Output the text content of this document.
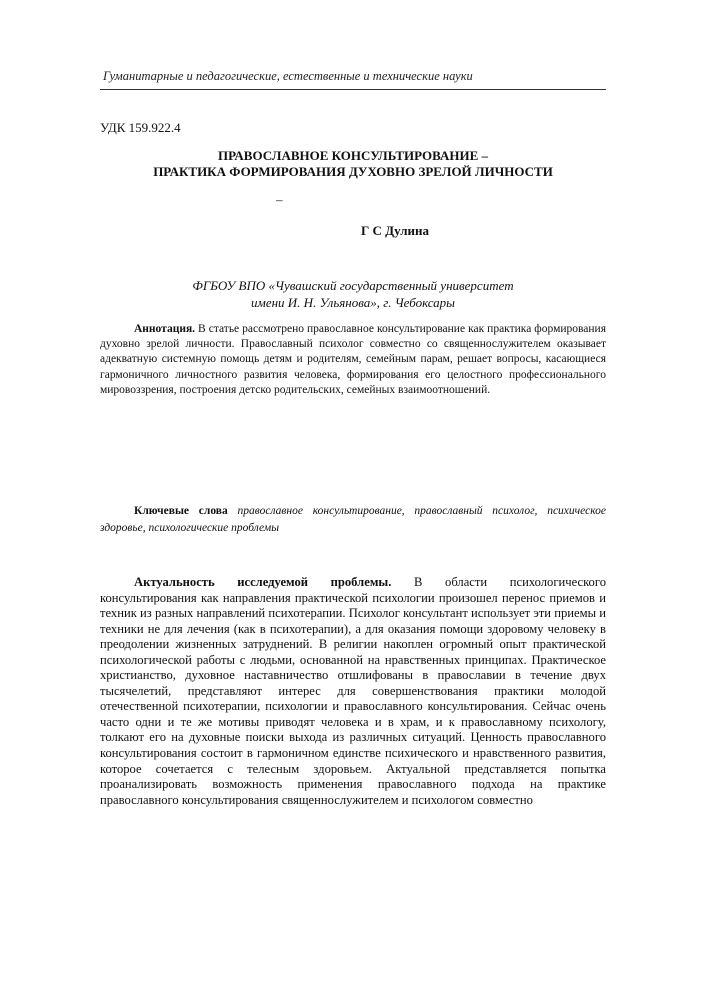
Гуманитарные и педагогические, естественные и технические науки
УДК 159.922.4
ПРАВОСЛАВНОЕ КОНСУЛЬТИРОВАНИЕ –
ПРАКТИКА ФОРМИРОВАНИЯ ДУХОВНО ЗРЕЛОЙ ЛИЧНОСТИ
–
Г С Дулина
ФГБОУ ВПО «Чувашский государственный университет
имени И. Н. Ульянова», г. Чебоксары
Аннотация. В статье рассмотрено православное консультирование как практика формирования духовно зрелой личности. Православный психолог совместно со священнослужителем оказывает адекватную системную помощь детям и родителям, семейным парам, решает вопросы, касающиеся гармоничного личностного развития человека, формирования его целостного профессионального мировоззрения, построения детско родительских, семейных взаимоотношений.
Ключевые слова православное консультирование, православный психолог, психическое здоровье, психологические проблемы
Актуальность исследуемой проблемы. В области психологического консультирования как направления практической психологии произошел перенос приемов и техник из разных направлений психотерапии. Психолог консультант использует эти приемы и техники не для лечения (как в психотерапии), а для оказания помощи здоровому человеку в преодолении жизненных затруднений. В религии накоплен огромный опыт практической психологической работы с людьми, основанной на нравственных принципах. Практическое христианство, духовное наставничество отшлифованы в православии в течение двух тысячелетий, представляют интерес для совершенствования практики молодой отечественной психотерапии, психологии и православного консультирования. Сейчас очень часто одни и те же мотивы приводят человека и в храм, и к православному психологу, толкают его на духовные поиски выхода из различных ситуаций. Ценность православного консультирования состоит в гармоничном единстве психического и нравственного развития, которое сочетается с телесным здоровьем. Актуальной представляется попытка проанализировать возможность применения православного подхода на практике православного консультирования священнослужителем и психологом совместно
